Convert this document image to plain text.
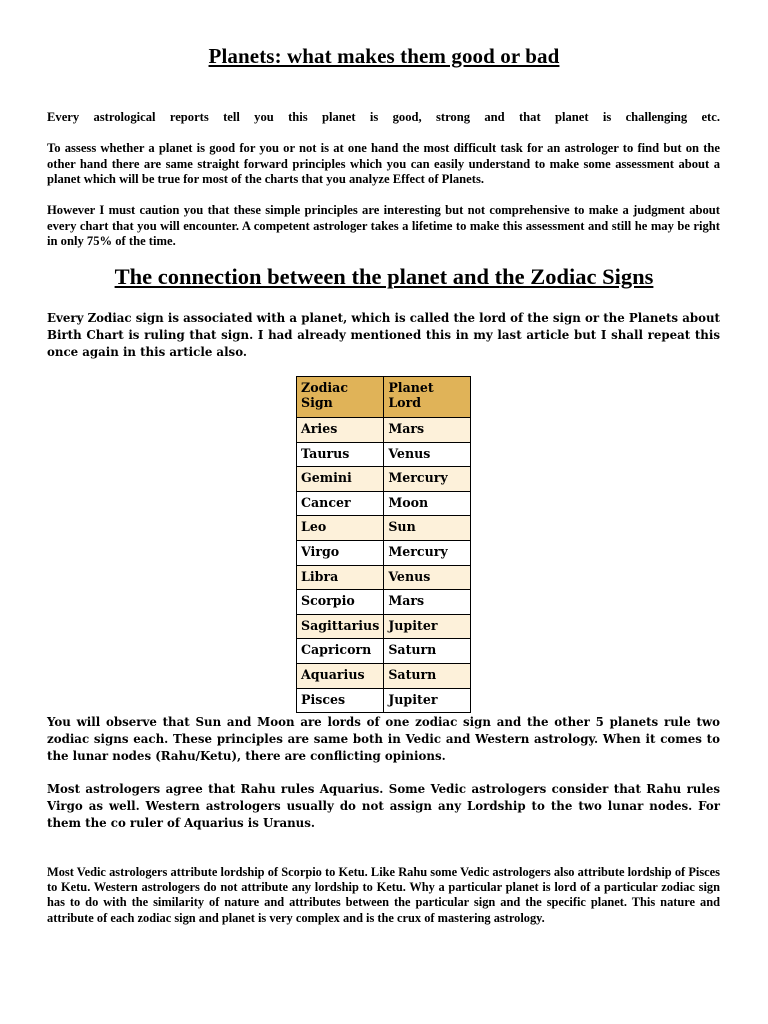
Planets: what makes them good or bad

Every astrological reports tell you this planet is good, strong and that planet is challenging etc.

To assess whether a planet is good for you or not is at one hand the most difficult task for an astrologer to find but on the other hand there are same straight forward principles which you can easily understand to make some assessment about a planet which will be true for most of the charts that you analyze Effect of Planets.

However I must caution you that these simple principles are interesting but not comprehensive to make a judgment about every chart that you will encounter. A competent astrologer takes a lifetime to make this assessment and still he may be right in only 75% of the time.

The connection between the planet and the Zodiac Signs

Every Zodiac sign is associated with a planet, which is called the lord of the sign or the Planets about Birth Chart is ruling that sign. I had already mentioned this in my last article but I shall repeat this once again in this article also.

Zodiac Sign	Planet Lord
Aries	Mars
Taurus	Venus
Gemini	Mercury
Cancer	Moon
Leo	Sun
Virgo	Mercury
Libra	Venus
Scorpio	Mars
Sagittarius	Jupiter
Capricorn	Saturn
Aquarius	Saturn
Pisces	Jupiter

You will observe that Sun and Moon are lords of one zodiac sign and the other 5 planets rule two zodiac signs each. These principles are same both in Vedic and Western astrology. When it comes to the lunar nodes (Rahu/Ketu), there are conflicting opinions.

Most astrologers agree that Rahu rules Aquarius. Some Vedic astrologers consider that Rahu rules Virgo as well. Western astrologers usually do not assign any Lordship to the two lunar nodes. For them the co ruler of Aquarius is Uranus.

Most Vedic astrologers attribute lordship of Scorpio to Ketu. Like Rahu some Vedic astrologers also attribute lordship of Pisces to Ketu. Western astrologers do not attribute any lordship to Ketu. Why a particular planet is lord of a particular zodiac sign has to do with the similarity of nature and attributes between the particular sign and the specific planet. This nature and attribute of each zodiac sign and planet is very complex and is the crux of mastering astrology.
